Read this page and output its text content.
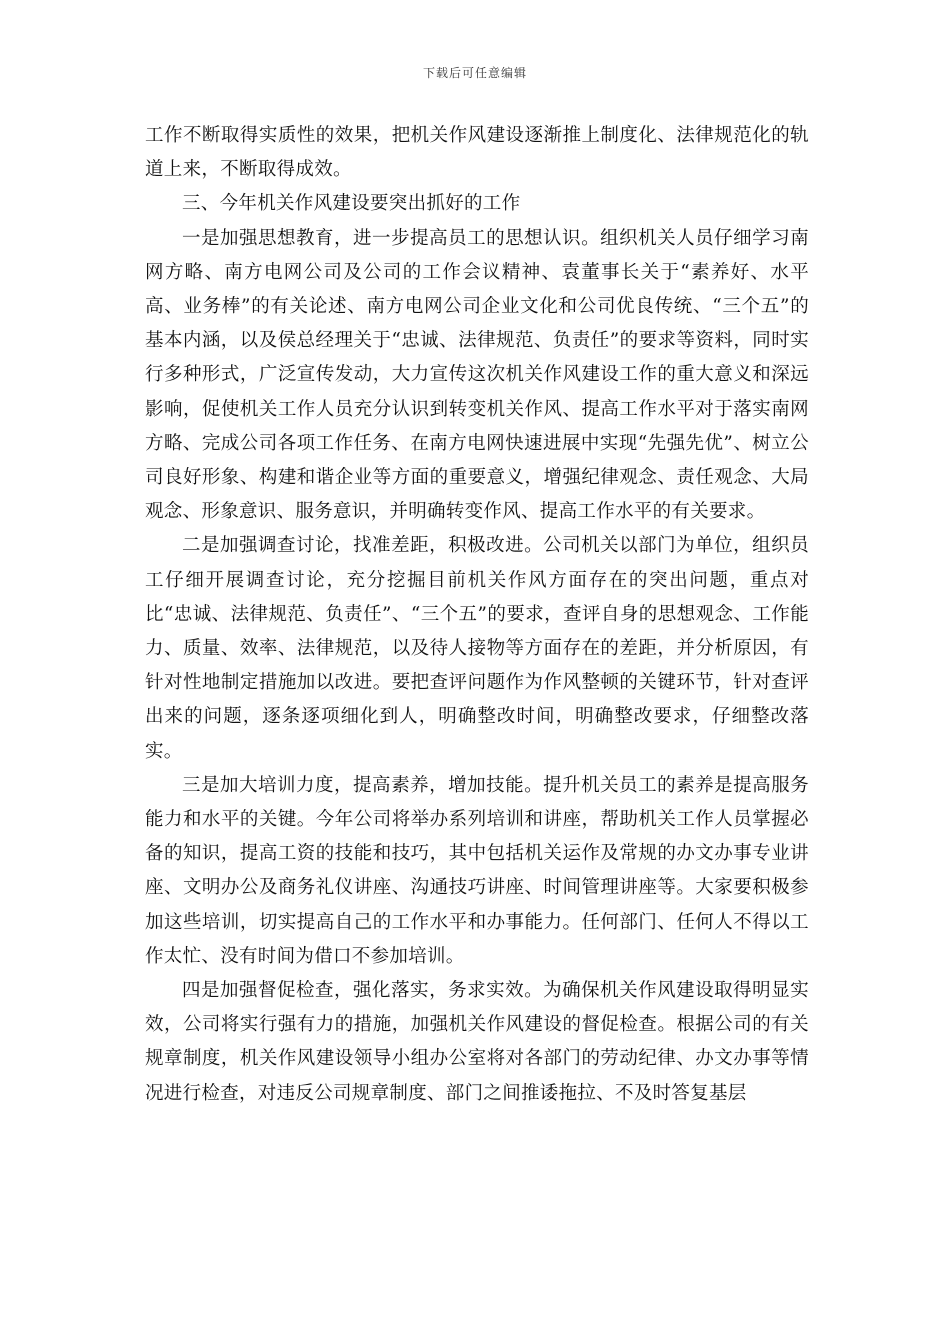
下载后可任意编辑

工作不断取得实质性的效果，把机关作风建设逐渐推上制度化、法律规范化的轨道上来，不断取得成效。

三、今年机关作风建设要突出抓好的工作

一是加强思想教育，进一步提高员工的思想认识。组织机关人员仔细学习南网方略、南方电网公司及公司的工作会议精神、袁董事长关于“素养好、水平高、业务棒”的有关论述、南方电网公司企业文化和公司优良传统、“三个五”的基本内涵，以及侯总经理关于“忠诚、法律规范、负责任”的要求等资料，同时实行多种形式，广泛宣传发动，大力宣传这次机关作风建设工作的重大意义和深远影响，促使机关工作人员充分认识到转变机关作风、提高工作水平对于落实南网方略、完成公司各项工作任务、在南方电网快速进展中实现“先强先优”、树立公司良好形象、构建和谐企业等方面的重要意义，增强纪律观念、责任观念、大局观念、形象意识、服务意识，并明确转变作风、提高工作水平的有关要求。

二是加强调查讨论，找准差距，积极改进。公司机关以部门为单位，组织员工仔细开展调查讨论，充分挖掘目前机关作风方面存在的突出问题，重点对比“忠诚、法律规范、负责任”、“三个五”的要求，查评自身的思想观念、工作能力、质量、效率、法律规范，以及待人接物等方面存在的差距，并分析原因，有针对性地制定措施加以改进。要把查评问题作为作风整顿的关键环节，针对查评出来的问题，逐条逐项细化到人，明确整改时间，明确整改要求，仔细整改落实。

三是加大培训力度，提高素养，增加技能。提升机关员工的素养是提高服务能力和水平的关键。今年公司将举办系列培训和讲座，帮助机关工作人员掌握必备的知识，提高工资的技能和技巧，其中包括机关运作及常规的办文办事专业讲座、文明办公及商务礼仪讲座、沟通技巧讲座、时间管理讲座等。大家要积极参加这些培训，切实提高自己的工作水平和办事能力。任何部门、任何人不得以工作太忙、没有时间为借口不参加培训。

四是加强督促检查，强化落实，务求实效。为确保机关作风建设取得明显实效，公司将实行强有力的措施，加强机关作风建设的督促检查。根据公司的有关规章制度，机关作风建设领导小组办公室将对各部门的劳动纪律、办文办事等情况进行检查，对违反公司规章制度、部门之间推诿拖拉、不及时答复基层
